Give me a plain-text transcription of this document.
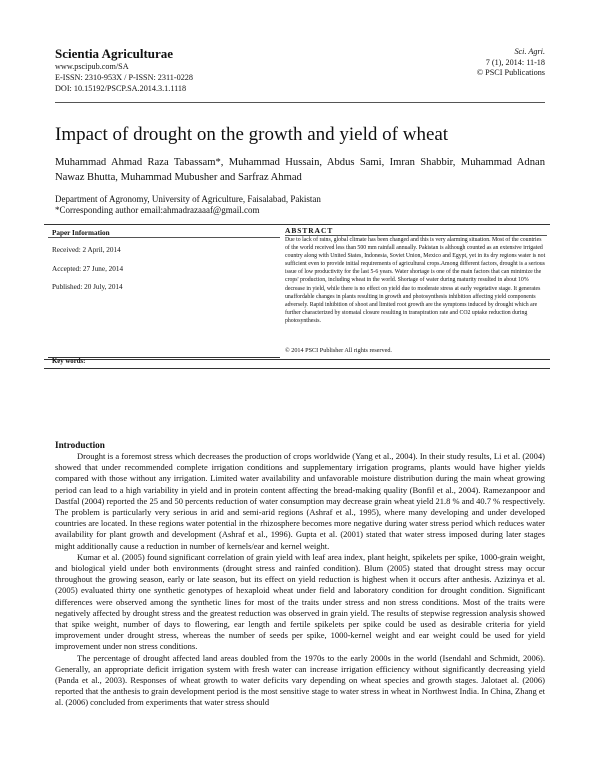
Scientia Agriculturae
www.pscipub.com/SA
E-ISSN: 2310-953X / P-ISSN: 2311-0228
DOI: 10.15192/PSCP.SA.2014.3.1.1118
Sci. Agri.
7 (1), 2014: 11-18
© PSCI Publications
Impact of drought on the growth and yield of wheat
Muhammad Ahmad Raza Tabassam*, Muhammad Hussain, Abdus Sami, Imran Shabbir, Muhammad Adnan Nawaz Bhutta, Muhammad Mubusher and Sarfraz Ahmad
Department of Agronomy, University of Agriculture, Faisalabad, Pakistan
*Corresponding author email:ahmadrazaaaf@gmail.com
Paper Information
Received: 2 April, 2014
Accepted: 27 June, 2014
Published: 20 July, 2014
ABSTRACT
Due to lack of rains, global climate has been changed and this is very alarming situation. Most of the countries of the world received less than 500 mm rainfall annually. Pakistan is although counted as an extensive irrigated country along with United States, Indonesia, Soviet Union, Mexico and Egypt, yet in its dry regions water is not sufficient even to provide initial requirements of agricultural crops.Among different factors, drought is a serious issue of low productivity for the last 5-6 years. Water shortage is one of the main factors that can minimize the crops' production, including wheat in the world. Shortage of water during maturity resulted in about 10% decrease in yield, while there is no effect on yield due to moderate stress at early vegetative stage. It generates unaffordable changes in plants resulting in growth and photosynthesis inhibition affecting yield components adversely. Rapid inhibition of shoot and limited root growth are the symptoms induced by drought which are further characterized by stomatal closure resulting in transpiration rate and CO2 uptake reduction during photosynthesis.
© 2014 PSCI Publisher All rights reserved.
Key words:
Introduction

Drought is a foremost stress which decreases the production of crops worldwide (Yang et al., 2004). In their study results, Li et al. (2004) showed that under recommended complete irrigation conditions and supplementary irrigation programs, plants would have higher yields compared with those without any irrigation. Limited water availability and unfavorable moisture distribution during the main wheat growing period can lead to a high variability in yield and in protein content affecting the bread-making quality (Bonfil et al., 2004). Ramezanpoor and Dastfal (2004) reported the 25 and 50 percents reduction of water consumption may decrease grain wheat yield 21.8 % and 40.7 % respectively. The problem is particularly very serious in arid and semi-arid regions (Ashraf et al., 1995), where many developing and under developed countries are located. In these regions water potential in the rhizosphere becomes more negative during water stress period which reduces water availability for plant growth and development (Ashraf et al., 1996). Gupta et al. (2001) stated that water stress imposed during later stages might additionally cause a reduction in number of kernels/ear and kernel weight.

Kumar et al. (2005) found significant correlation of grain yield with leaf area index, plant height, spikelets per spike, 1000-grain weight, and biological yield under both environments (drought stress and rainfed condition). Blum (2005) stated that drought stress may occur throughout the growing season, early or late season, but its effect on yield reduction is highest when it occurs after anthesis. Azizinya et al. (2005) evaluated thirty one synthetic genotypes of hexaploid wheat under field and laboratory condition for drought condition. Significant differences were observed among the synthetic lines for most of the traits under stress and non stress conditions. Most of the traits were negatively affected by drought stress and the greatest reduction was observed in grain yield. The results of stepwise regression analysis showed that spike weight, number of days to flowering, ear length and fertile spikelets per spike could be used as desirable criteria for yield improvement under drought stress, whereas the number of seeds per spike, 1000-kernel weight and ear weight could be used for yield improvement under non stress conditions.

The percentage of drought affected land areas doubled from the 1970s to the early 2000s in the world (Isendahl and Schmidt, 2006). Generally, an appropriate deficit irrigation system with fresh water can increase irrigation efficiency without significantly decreasing yield (Panda et al., 2003). Responses of wheat growth to water deficits vary depending on wheat species and growth stages. Jalotaet al. (2006) reported that the anthesis to grain development period is the most sensitive stage to water stress in wheat in Northwest India. In China, Zhang et al. (2006) concluded from experiments that water stress should
